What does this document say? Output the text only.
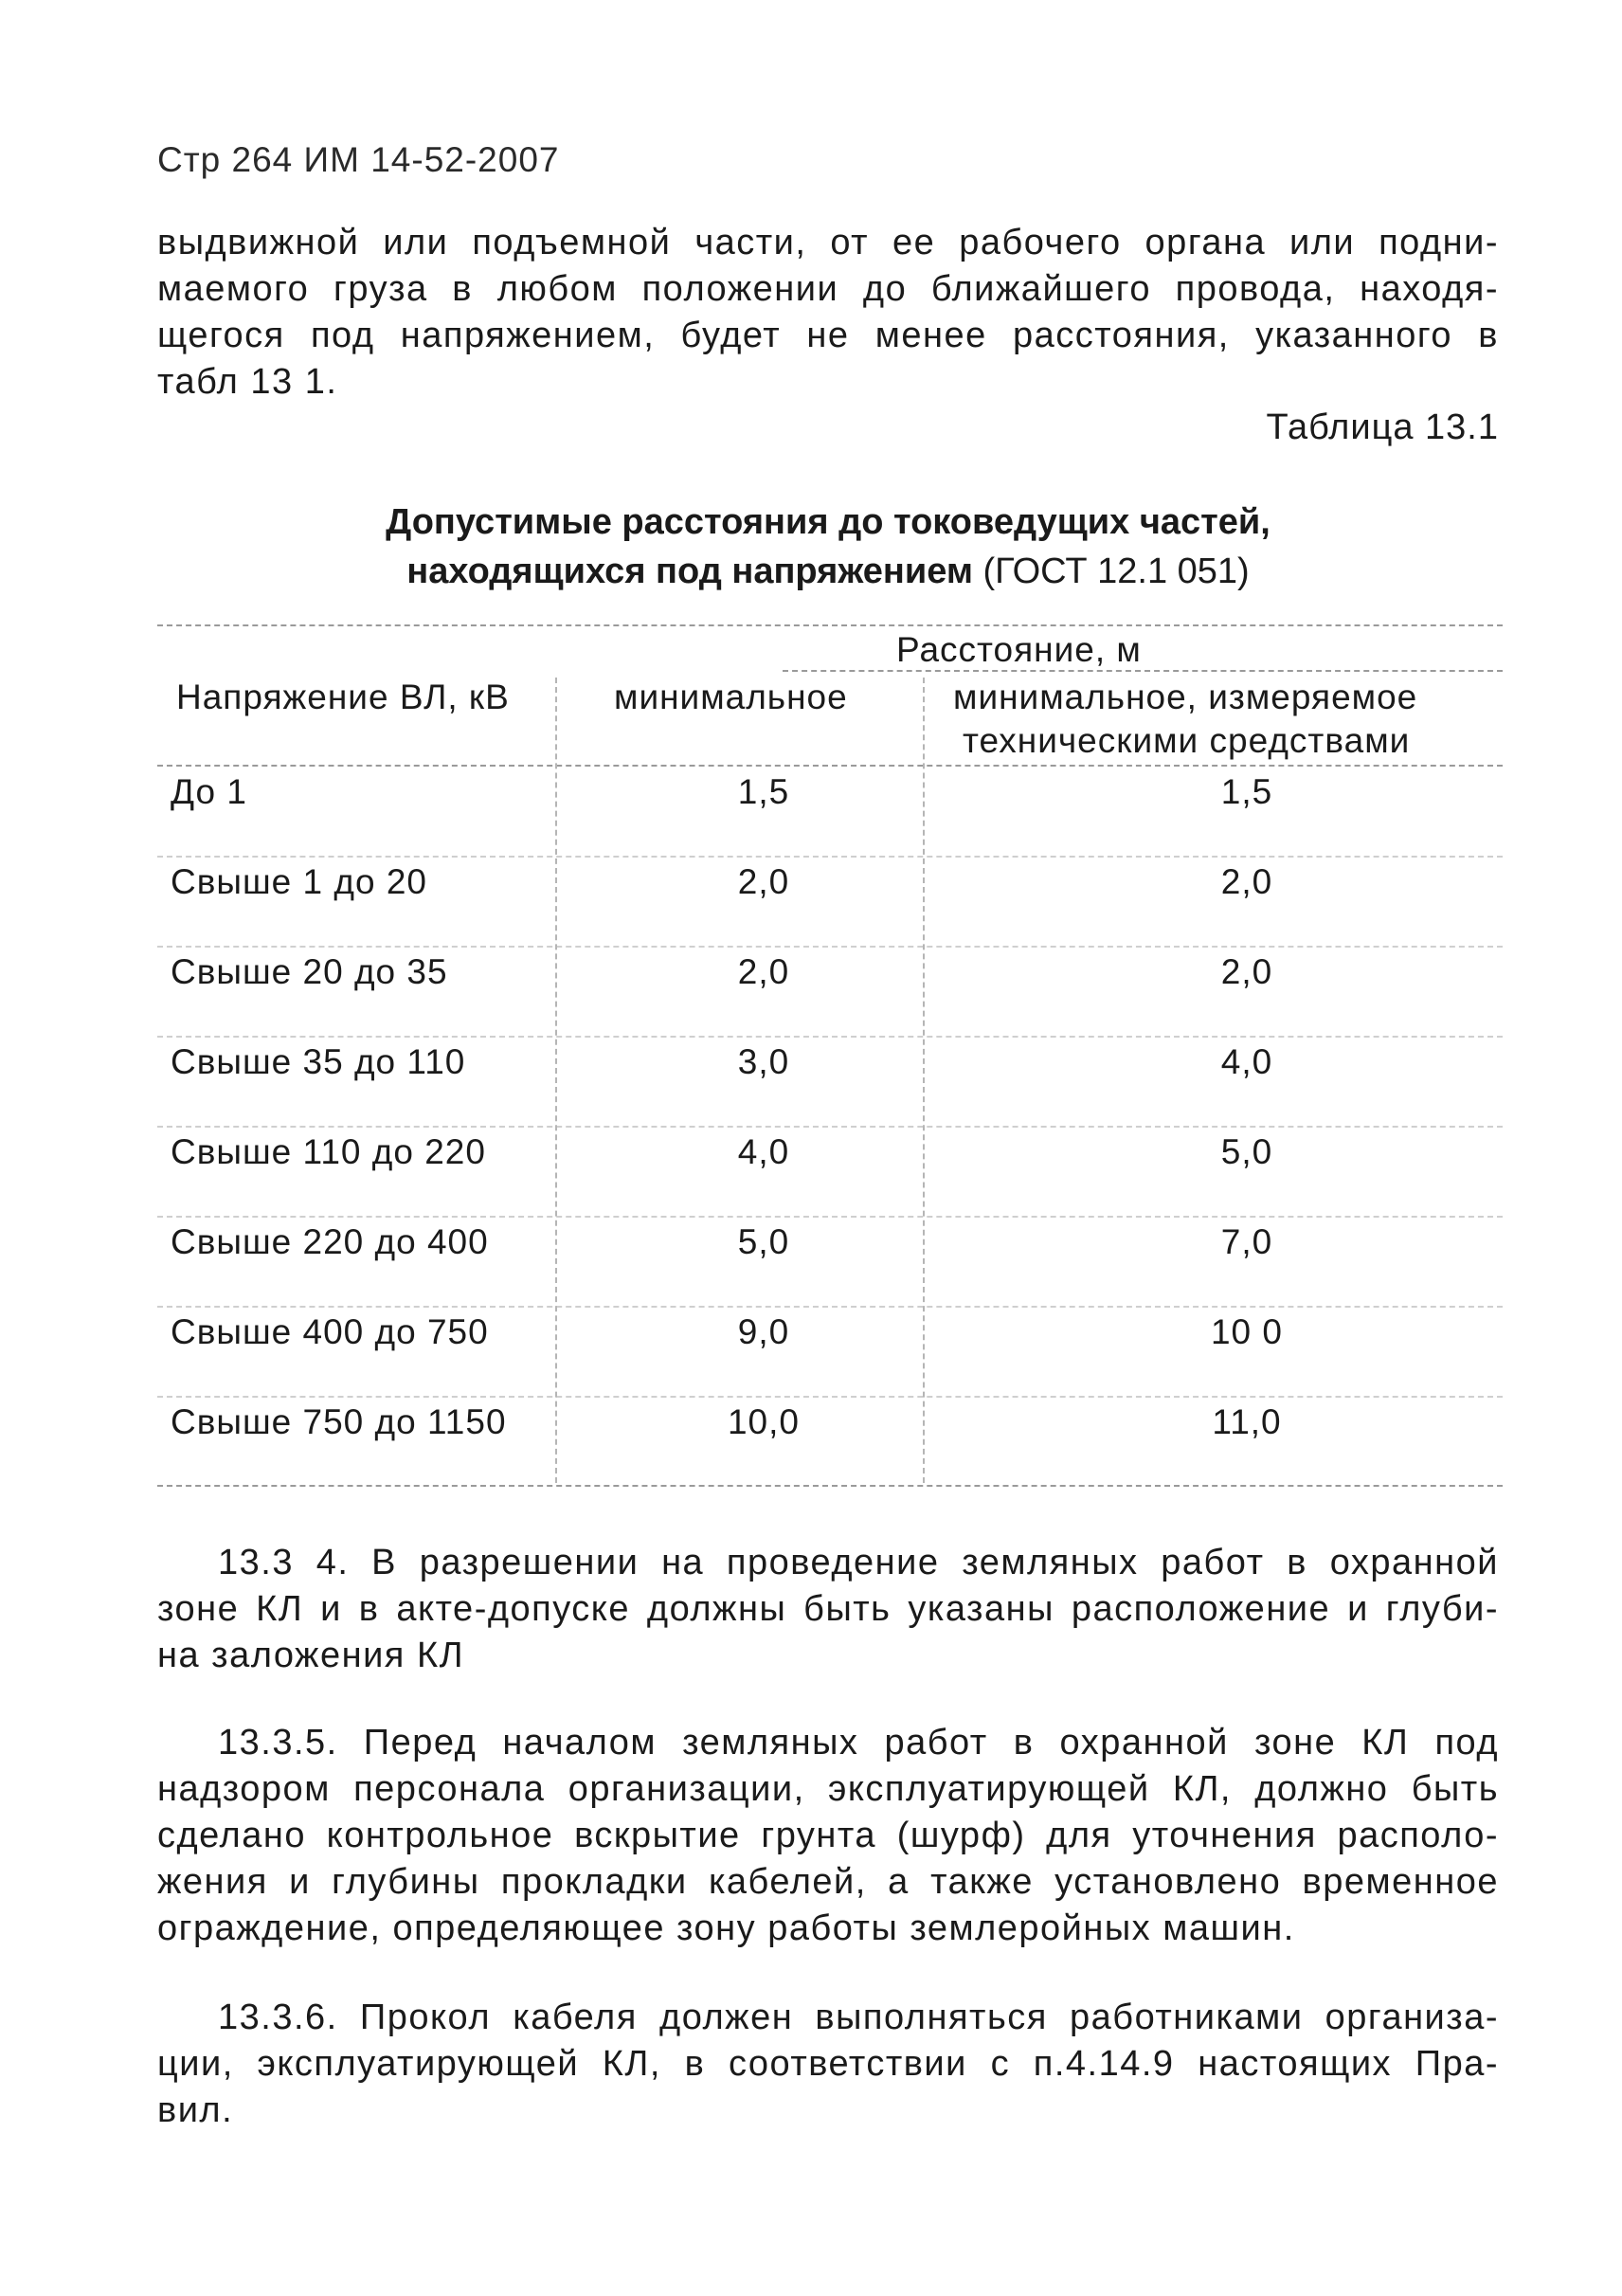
Стр 264 ИМ 14-52-2007
выдвижной или подъемной части, от ее рабочего органа или подни-
маемого груза в любом положении до ближайшего провода, находя-
щегося под напряжением, будет не менее расстояния, указанного в
табл 13 1.
Таблица 13.1
Допустимые расстояния до токоведущих частей,
находящихся под напряжением (ГОСТ 12.1 051)
Расстояние, м
Напряжение ВЛ, кВ	минимальное	минимальное, измеряемое
техническими средствами
До 1	1,5	1,5
Свыше 1 до 20	2,0	2,0
Свыше 20 до 35	2,0	2,0
Свыше 35 до 110	3,0	4,0
Свыше 110 до 220	4,0	5,0
Свыше 220 до 400	5,0	7,0
Свыше 400 до 750	9,0	10 0
Свыше 750 до 1150	10,0	11,0
13.3 4. В разрешении на проведение земляных работ в охранной
зоне КЛ и в акте-допуске должны быть указаны расположение и глуби-
на заложения КЛ
13.3.5. Перед началом земляных работ в охранной зоне КЛ под
надзором персонала организации, эксплуатирующей КЛ, должно быть
сделано контрольное вскрытие грунта (шурф) для уточнения располо-
жения и глубины прокладки кабелей, а также установлено временное
ограждение, определяющее зону работы землеройных машин.
13.3.6. Прокол кабеля должен выполняться работниками организа-
ции, эксплуатирующей КЛ, в соответствии с п.4.14.9 настоящих Пра-
вил.
